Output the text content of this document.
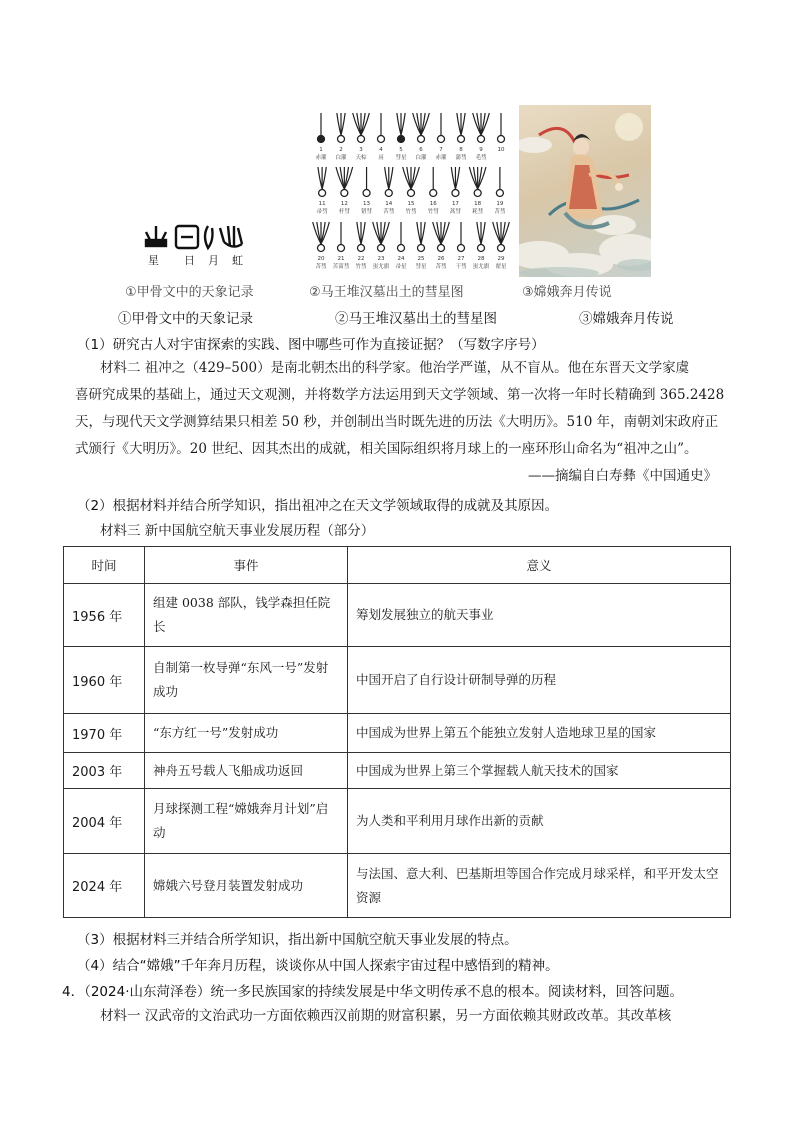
星 日 月 虹
1
赤灌
2
白灌
3
天棕
4
鬲
5
彗星
6
白灌
7
赤灌
8
蒲彗
9
毛彗
10
11
帚彗
12
杆彗
13
错彗
14
苦彗
15
竹彗
16
竹彗
17
蒿彗
18
耗彗
19
苫彗
20
苫彗
21
苦蒿彗
22
竹彗
23
蚩尤旗
24
帚星
25
彗星
26
苫彗
27
干彗
28
蚩尤旗
29
翟星
①甲骨文中的天象记录	②马王堆汉墓出土的彗星图	③嫦娥奔月传说
①甲骨文中的天象记录	②马王堆汉墓出土的彗星图	③嫦娥奔月传说
（1）研究古人对宇宙探索的实践、图中哪些可作为直接证据？（写数字序号）
材料二 祖冲之（429–500）是南北朝杰出的科学家。他治学严谨，从不盲从。他在东晋天文学家虞
喜研究成果的基础上，通过天文观测，并将数学方法运用到天文学领域、第一次将一年时长精确到 365.2428
天，与现代天文学测算结果只相差 50 秒，并创制出当时既先进的历法《大明历》。510 年，南朝刘宋政府正
式颁行《大明历》。20 世纪、因其杰出的成就，相关国际组织将月球上的一座环形山命名为“祖冲之山”。
——摘编自白寿彝《中国通史》
（2）根据材料并结合所学知识，指出祖冲之在天文学领域取得的成就及其原因。
材料三 新中国航空航天事业发展历程（部分）
时间	事件	意义
1956 年	组建 0038 部队，钱学森担任院长	筹划发展独立的航天事业
1960 年	自制第一枚导弹“东风一号”发射成功	中国开启了自行设计研制导弹的历程
1970 年	“东方红一号”发射成功	中国成为世界上第五个能独立发射人造地球卫星的国家
2003 年	神舟五号载人飞船成功返回	中国成为世界上第三个掌握载人航天技术的国家
2004 年	月球探测工程“嫦娥奔月计划”启动	为人类和平利用月球作出新的贡献
2024 年	嫦娥六号登月装置发射成功	与法国、意大利、巴基斯坦等国合作完成月球采样，和平开发太空资源
（3）根据材料三并结合所学知识，指出新中国航空航天事业发展的特点。
（4）结合“嫦娥”千年奔月历程，谈谈你从中国人探索宇宙过程中感悟到的精神。
4．（2024·山东菏泽卷）统一多民族国家的持续发展是中华文明传承不息的根本。阅读材料，回答问题。
材料一 汉武帝的文治武功一方面依赖西汉前期的财富积累，另一方面依赖其财政改革。其改革核
